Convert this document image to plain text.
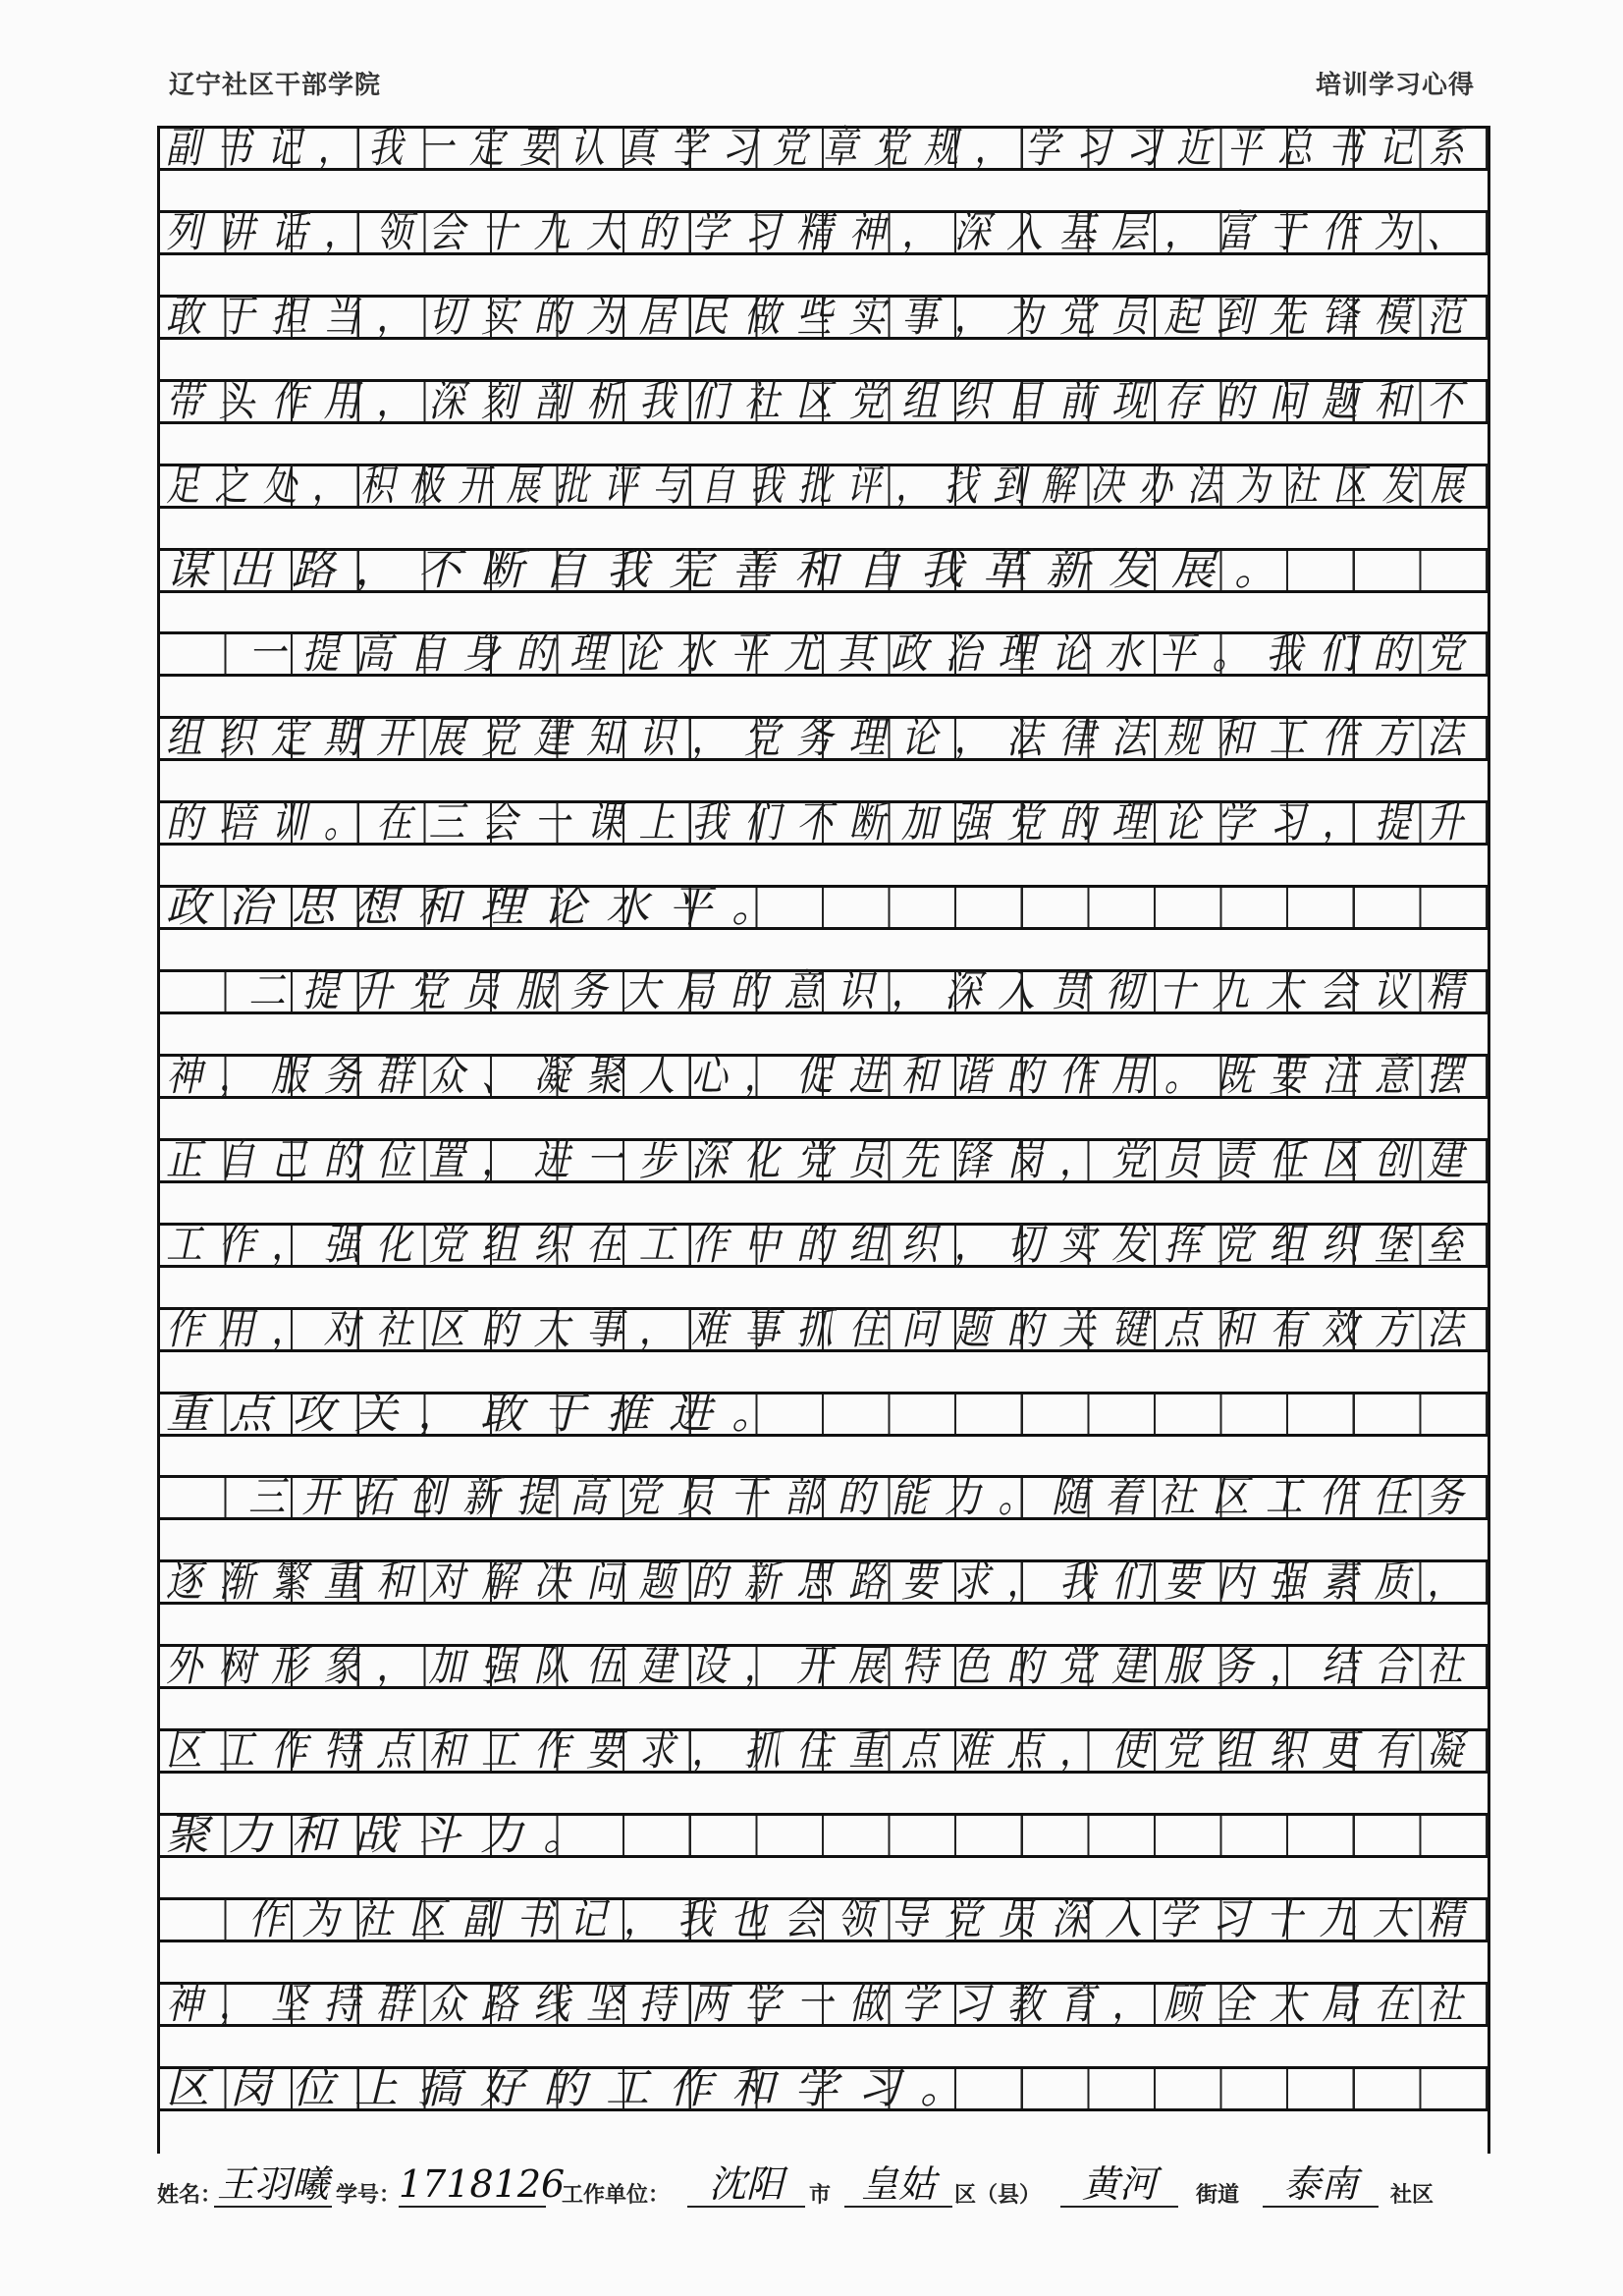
辽宁社区干部学院	培训学习心得
副书记，我一定要认真学习党章党规，学习习近平总书记系
列讲话，领会十九大的学习精神，深入基层，富于作为、
敢于担当，切实的为居民做些实事，为党员起到先锋模范
带头作用，深刻剖析我们社区党组织目前现存的问题和不
足之处，积极开展批评与自我批评，找到解决办法为社区发展
谋出路，不断自我完善和自我革新发展。
一提高自身的理论水平尤其政治理论水平。我们的党
组织定期开展党建知识，党务理论，法律法规和工作方法
的培训。在三会一课上我们不断加强党的理论学习，提升
政治思想和理论水平。
二提升党员服务大局的意识，深入贯彻十九大会议精
神，服务群众、凝聚人心，促进和谐的作用。既要注意摆
正自己的位置，进一步深化党员先锋岗，党员责任区创建
工作，强化党组织在工作中的组织，切实发挥党组织堡垒
作用，对社区的大事，难事抓住问题的关键点和有效方法
重点攻关，敢于推进。
三开拓创新提高党员干部的能力。随着社区工作任务
逐渐繁重和对解决问题的新思路要求，我们要内强素质，
外树形象，加强队伍建设，开展特色的党建服务，结合社
区工作特点和工作要求，抓住重点难点，使党组织更有凝
聚力和战斗力。
作为社区副书记，我也会领导党员深入学习十九大精
神，坚持群众路线坚持两学一做学习教育，顾全大局在社
区岗位上搞好的工作和学习。
姓名：
王羽曦 学号：
1718126
工作单位：	沈阳	市 皇姑 区（县）	黄河	街道	泰南	社区
